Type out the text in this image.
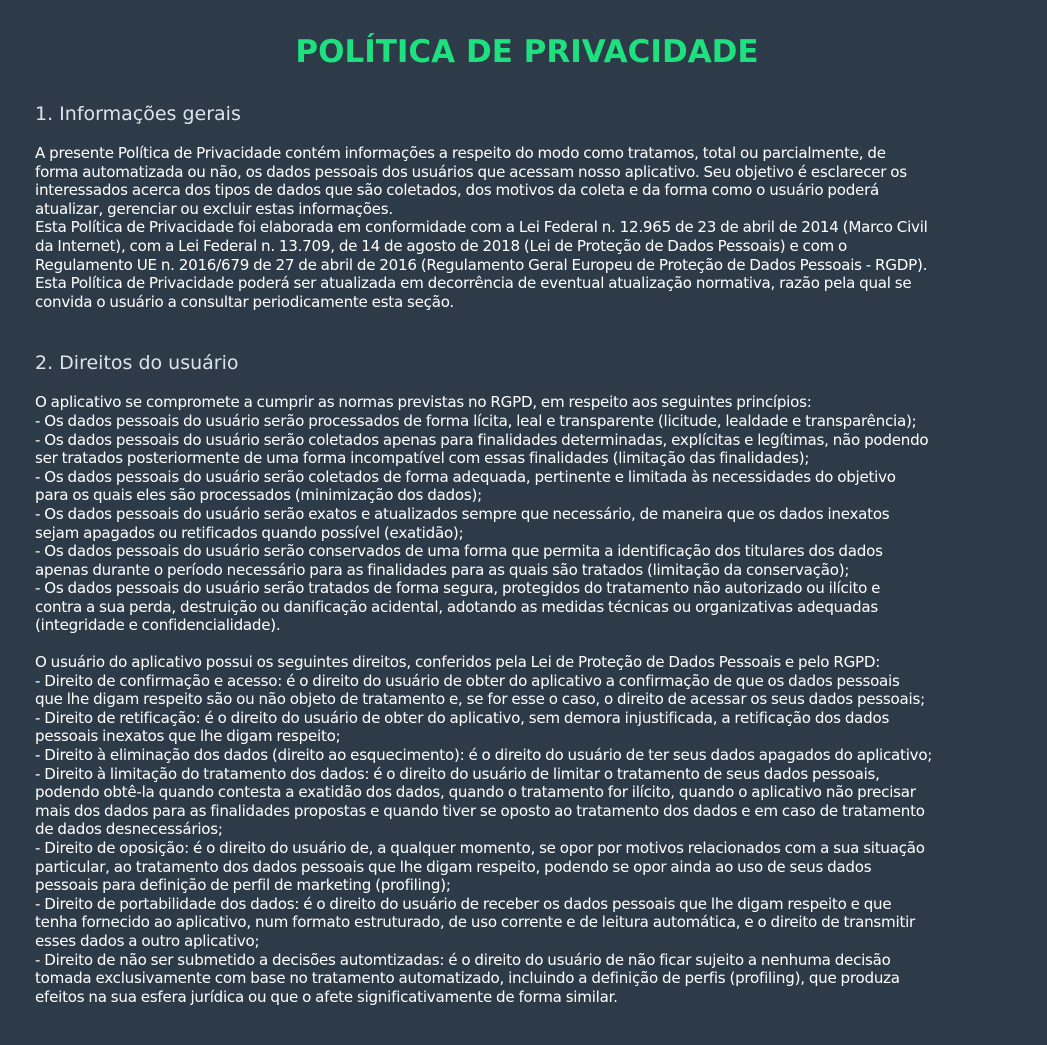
POLÍTICA DE PRIVACIDADE
1. Informações gerais

A presente Política de Privacidade contém informações a respeito do modo como tratamos, total ou parcialmente, de
forma automatizada ou não, os dados pessoais dos usuários que acessam nosso aplicativo. Seu objetivo é esclarecer os
interessados acerca dos tipos de dados que são coletados, dos motivos da coleta e da forma como o usuário poderá
atualizar, gerenciar ou excluir estas informações.
Esta Política de Privacidade foi elaborada em conformidade com a Lei Federal n. 12.965 de 23 de abril de 2014 (Marco Civil
da Internet), com a Lei Federal n. 13.709, de 14 de agosto de 2018 (Lei de Proteção de Dados Pessoais) e com o
Regulamento UE n. 2016/679 de 27 de abril de 2016 (Regulamento Geral Europeu de Proteção de Dados Pessoais - RGDP).
Esta Política de Privacidade poderá ser atualizada em decorrência de eventual atualização normativa, razão pela qual se
convida o usuário a consultar periodicamente esta seção.

2. Direitos do usuário

O aplicativo se compromete a cumprir as normas previstas no RGPD, em respeito aos seguintes princípios:
- Os dados pessoais do usuário serão processados de forma lícita, leal e transparente (licitude, lealdade e transparência);
- Os dados pessoais do usuário serão coletados apenas para finalidades determinadas, explícitas e legítimas, não podendo
ser tratados posteriormente de uma forma incompatível com essas finalidades (limitação das finalidades);
- Os dados pessoais do usuário serão coletados de forma adequada, pertinente e limitada às necessidades do objetivo
para os quais eles são processados (minimização dos dados);
- Os dados pessoais do usuário serão exatos e atualizados sempre que necessário, de maneira que os dados inexatos
sejam apagados ou retificados quando possível (exatidão);
- Os dados pessoais do usuário serão conservados de uma forma que permita a identificação dos titulares dos dados
apenas durante o período necessário para as finalidades para as quais são tratados (limitação da conservação);
- Os dados pessoais do usuário serão tratados de forma segura, protegidos do tratamento não autorizado ou ilícito e
contra a sua perda, destruição ou danificação acidental, adotando as medidas técnicas ou organizativas adequadas
(integridade e confidencialidade).

O usuário do aplicativo possui os seguintes direitos, conferidos pela Lei de Proteção de Dados Pessoais e pelo RGPD:
- Direito de confirmação e acesso: é o direito do usuário de obter do aplicativo a confirmação de que os dados pessoais
que lhe digam respeito são ou não objeto de tratamento e, se for esse o caso, o direito de acessar os seus dados pessoais;
- Direito de retificação: é o direito do usuário de obter do aplicativo, sem demora injustificada, a retificação dos dados
pessoais inexatos que lhe digam respeito;
- Direito à eliminação dos dados (direito ao esquecimento): é o direito do usuário de ter seus dados apagados do aplicativo;
- Direito à limitação do tratamento dos dados: é o direito do usuário de limitar o tratamento de seus dados pessoais,
podendo obtê-la quando contesta a exatidão dos dados, quando o tratamento for ilícito, quando o aplicativo não precisar
mais dos dados para as finalidades propostas e quando tiver se oposto ao tratamento dos dados e em caso de tratamento
de dados desnecessários;
- Direito de oposição: é o direito do usuário de, a qualquer momento, se opor por motivos relacionados com a sua situação
particular, ao tratamento dos dados pessoais que lhe digam respeito, podendo se opor ainda ao uso de seus dados
pessoais para definição de perfil de marketing (profiling);
- Direito de portabilidade dos dados: é o direito do usuário de receber os dados pessoais que lhe digam respeito e que
tenha fornecido ao aplicativo, num formato estruturado, de uso corrente e de leitura automática, e o direito de transmitir
esses dados a outro aplicativo;
- Direito de não ser submetido a decisões automtizadas: é o direito do usuário de não ficar sujeito a nenhuma decisão
tomada exclusivamente com base no tratamento automatizado, incluindo a definição de perfis (profiling), que produza
efeitos na sua esfera jurídica ou que o afete significativamente de forma similar.
